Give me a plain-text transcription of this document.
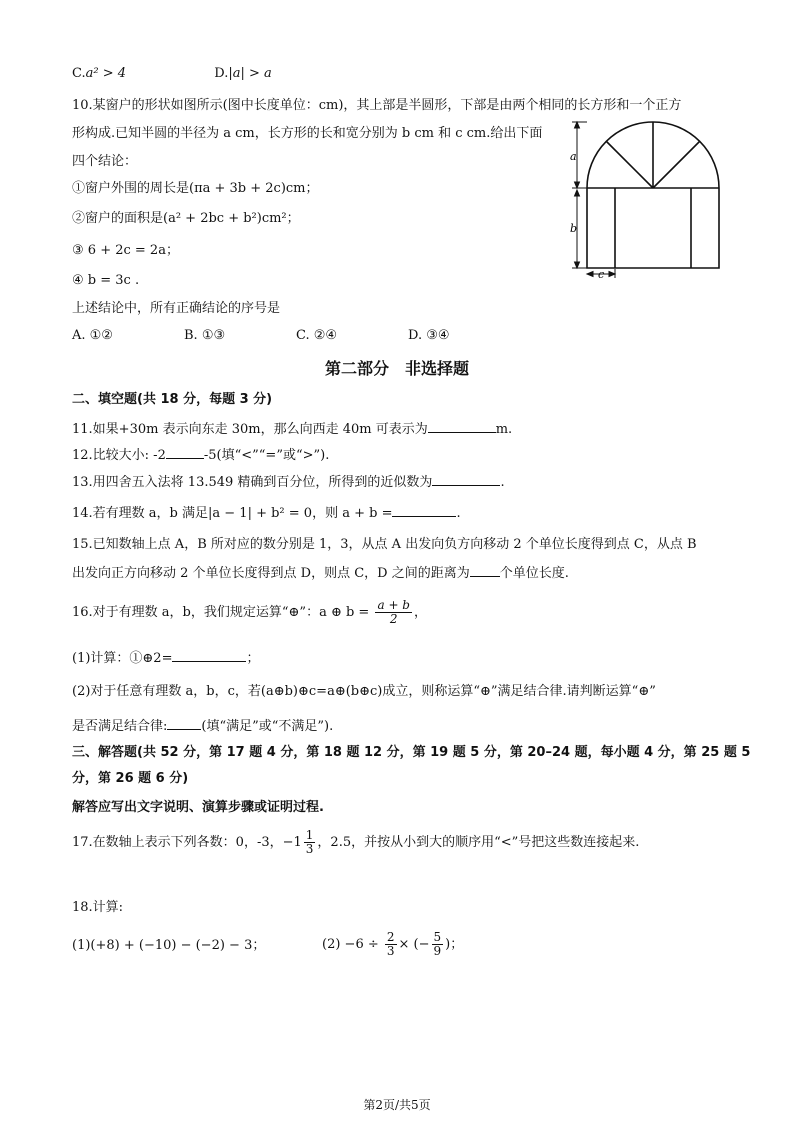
C.a² > 4	D.|a| > a
10.某窗户的形状如图所示(图中长度单位：cm)，其上部是半圆形，下部是由两个相同的长方形和一个正方
形构成.已知半圆的半径为 a cm，长方形的长和宽分别为 b cm 和 c cm.给出下面
四个结论：
①窗户外围的周长是(πa + 3b + 2c)cm；
②窗户的面积是(a² + 2bc + b²)cm²；
③ 6 + 2c = 2a；
④ b = 3c .
上述结论中，所有正确结论的序号是
A. ①②	B. ①③	C. ②④	D. ③④
a
b
c
第二部分　非选择题
二、填空题(共 18 分，每题 3 分)
11.如果+30m 表示向东走 30m，那么向西走 40m 可表示为	m.
12.比较大小: -2	-5(填“<”“=”或“>”).
13.用四舍五入法将 13.549 精确到百分位，所得到的近似数为	.
14.若有理数 a，b 满足|a − 1| + b² = 0，则 a + b =	.
15.已知数轴上点 A，B 所对应的数分别是 1，3，从点 A 出发向负方向移动 2 个单位长度得到点 C，从点 B
出发向正方向移动 2 个单位长度得到点 D，则点 C，D 之间的距离为 个单位长度.
16.对于有理数 a，b，我们规定运算“⊕”：a ⊕ $b = \frac{a + b}{2}$ ，
(1)计算：①⊕2=	；
(2)对于任意有理数 a，b，c，若(a⊕b)⊕c=a⊕(b⊕c)成立，则称运算“⊕”满足结合律.请判断运算“⊕”
是否满足结合律:	(填“满足”或“不满足”).
三、解答题(共 52 分，第 17 题 4 分，第 18 题 12 分，第 19 题 5 分，第 20–24 题，每小题 4 分，第 25 题 5
分，第 26 题 6 分)
解答应写出文字说明、演算步骤或证明过程.
17.在数轴上表示下列各数：0，-3，$-1 \frac{1}{3}$ ，2.5，并按从小到大的顺序用“<”号把这些数连接起来.
18.计算:
(1)(+8) + (−10) − (−2) − 3；	$(2) -6 \div \frac{2}{3}$ × (− $\frac{5}{9}$ )；
第2页/共5页
